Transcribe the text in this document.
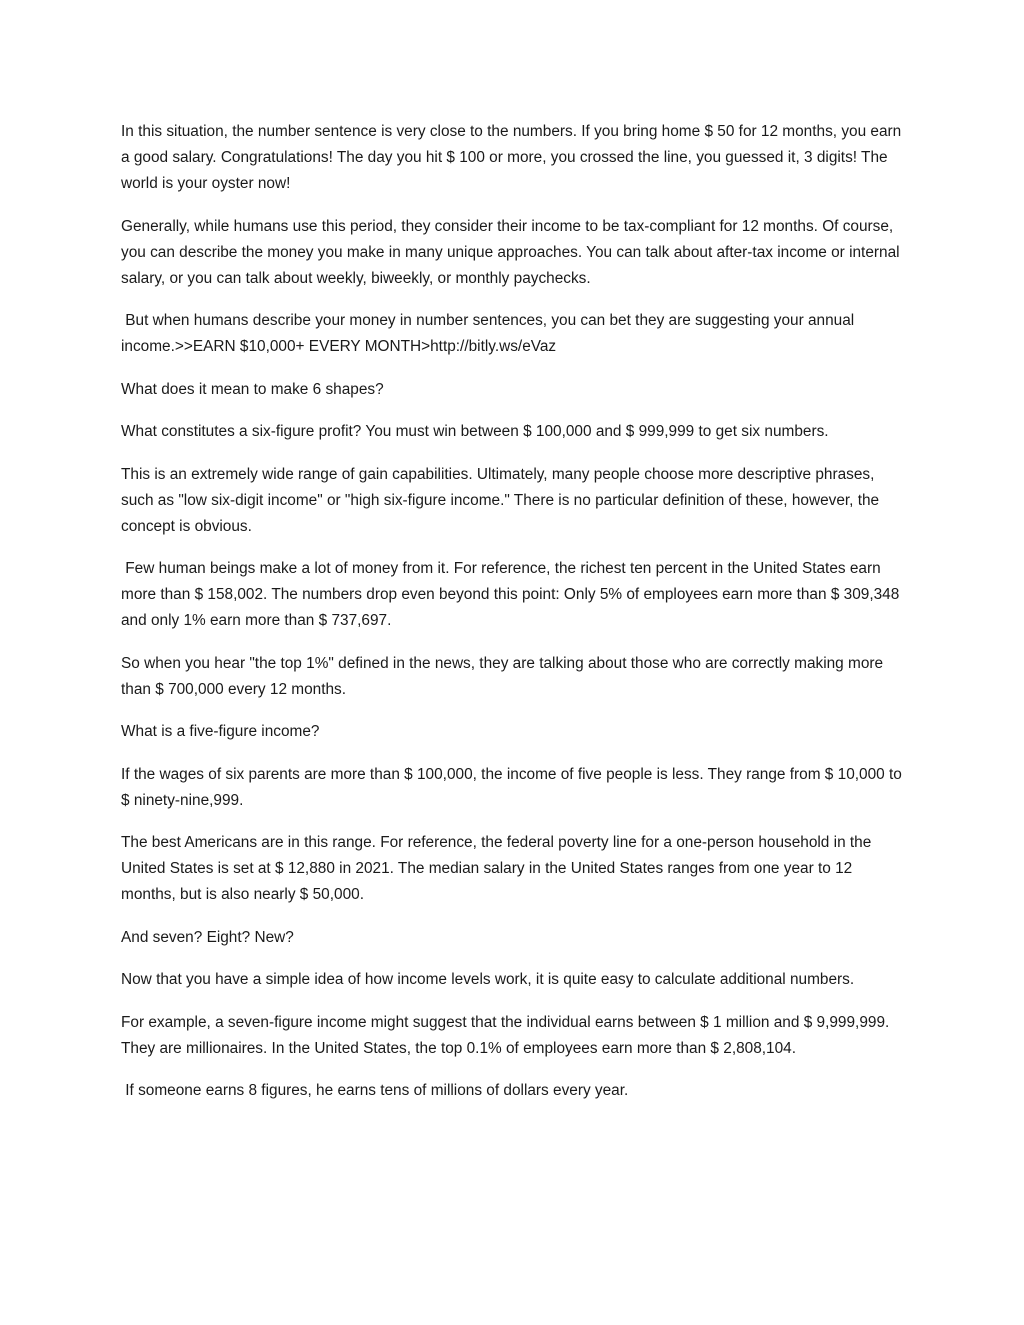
In this situation, the number sentence is very close to the numbers. If you bring home $ 50 for 12 months, you earn a good salary. Congratulations! The day you hit $ 100 or more, you crossed the line, you guessed it, 3 digits! The world is your oyster now!

Generally, while humans use this period, they consider their income to be tax-compliant for 12 months. Of course, you can describe the money you make in many unique approaches. You can talk about after-tax income or internal salary, or you can talk about weekly, biweekly, or monthly paychecks.

But when humans describe your money in number sentences, you can bet they are suggesting your annual income.>>EARN $10,000+ EVERY MONTH>http://bitly.ws/eVaz

What does it mean to make 6 shapes?

What constitutes a six-figure profit? You must win between $ 100,000 and $ 999,999 to get six numbers.

This is an extremely wide range of gain capabilities. Ultimately, many people choose more descriptive phrases, such as "low six-digit income" or "high six-figure income." There is no particular definition of these, however, the concept is obvious.

Few human beings make a lot of money from it. For reference, the richest ten percent in the United States earn more than $ 158,002. The numbers drop even beyond this point: Only 5% of employees earn more than $ 309,348 and only 1% earn more than $ 737,697.

So when you hear "the top 1%" defined in the news, they are talking about those who are correctly making more than $ 700,000 every 12 months.

What is a five-figure income?

If the wages of six parents are more than $ 100,000, the income of five people is less. They range from $ 10,000 to $ ninety-nine,999.

The best Americans are in this range. For reference, the federal poverty line for a one-person household in the United States is set at $ 12,880 in 2021. The median salary in the United States ranges from one year to 12 months, but is also nearly $ 50,000.

And seven? Eight? New?

Now that you have a simple idea of how income levels work, it is quite easy to calculate additional numbers.

For example, a seven-figure income might suggest that the individual earns between $ 1 million and $ 9,999,999. They are millionaires. In the United States, the top 0.1% of employees earn more than $ 2,808,104.

If someone earns 8 figures, he earns tens of millions of dollars every year.
